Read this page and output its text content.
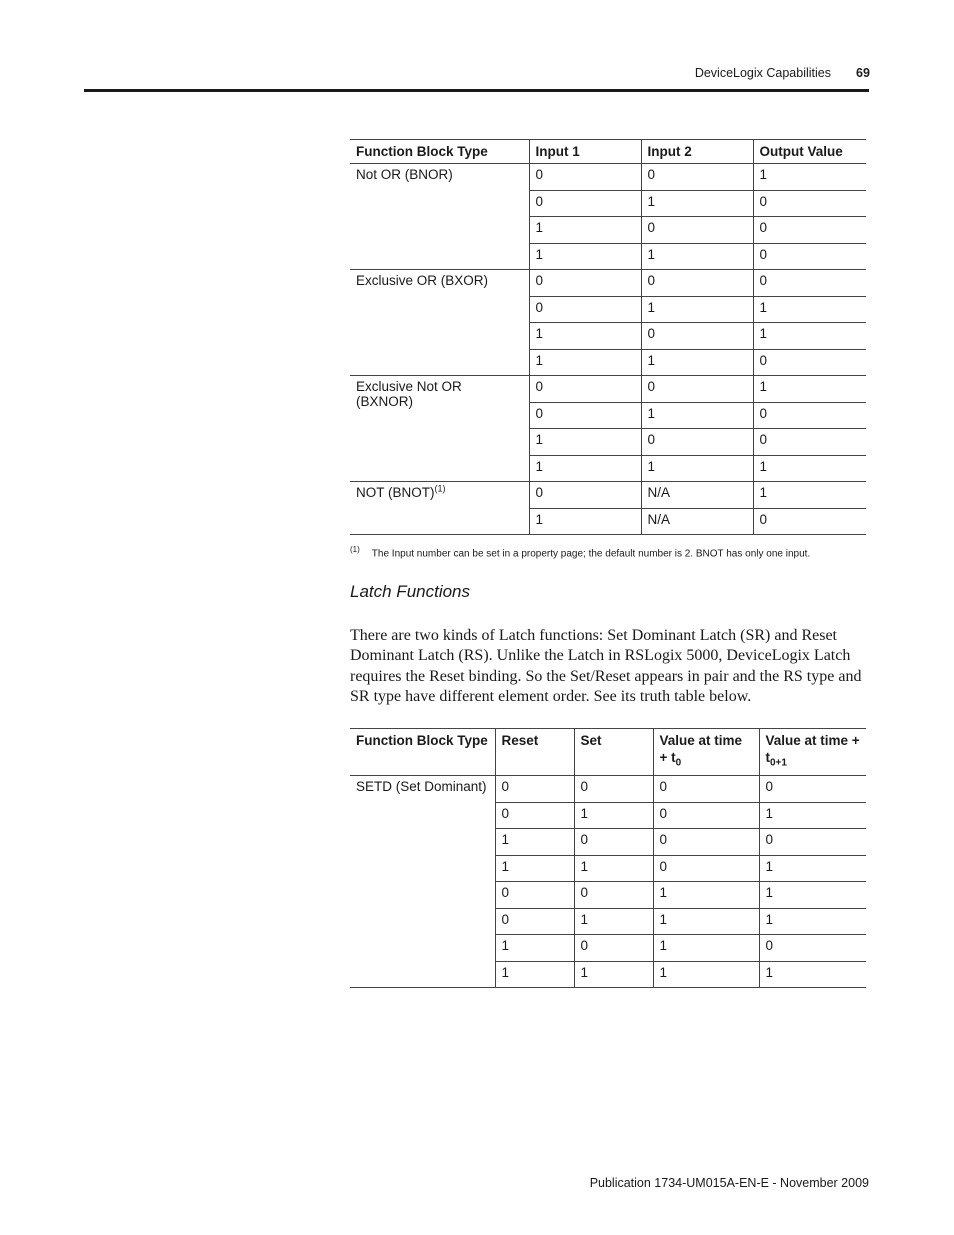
DeviceLogix Capabilities 69
Function Block Type	Input 1	Input 2	Output Value
Not OR (BNOR)	0	0	1
	0	1	0
	1	0	0
	1	1	0
Exclusive OR (BXOR)	0	0	0
	0	1	1
	1	0	1
	1	1	0
Exclusive Not OR (BXNOR)	0	0	1
	0	1	0
	1	0	0
	1	1	1
NOT (BNOT)$^{(1)}$	0	N/A	1
	1	N/A	0
$^{(1)}$ The Input number can be set in a property page; the default number is 2. BNOT has only one input.
Latch Functions
There are two kinds of Latch functions: Set Dominant Latch (SR) and Reset Dominant Latch (RS). Unlike the Latch in RSLogix 5000, DeviceLogix Latch requires the Reset binding. So the Set/Reset appears in pair and the RS type and SR type have different element order. See its truth table below.
Function Block Type	Reset	Set	Value at time + $t_0$	Value at time + $t_{0+1}$
SETD (Set Dominant)	0	0	0	0
	0	1	0	1
	1	0	0	0
	1	1	0	1
	0	0	1	1
	0	1	1	1
	1	0	1	0
	1	1	1	1
Publication 1734-UM015A-EN-E - November 2009
